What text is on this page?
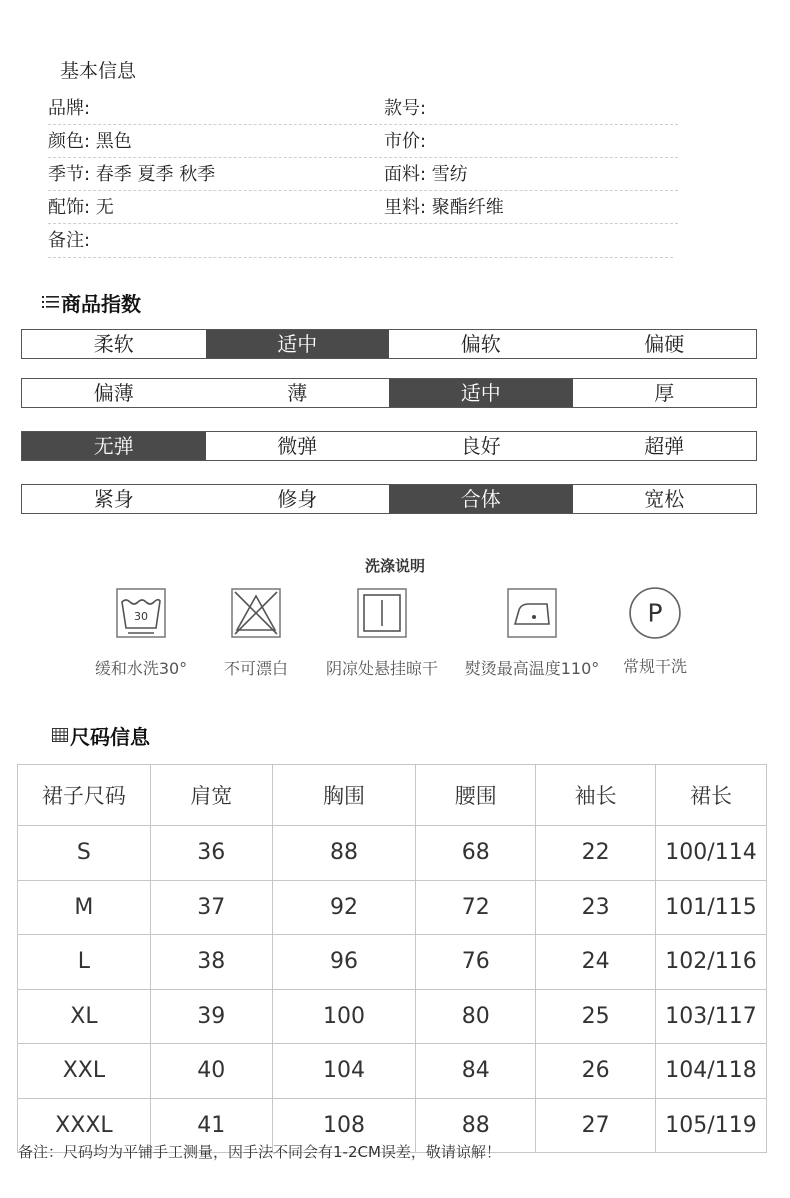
基本信息
品牌:	款号:
颜色: 黑色	市价:
季节: 春季 夏季 秋季	面料: 雪纺
配饰: 无	里料: 聚酯纤维
备注:
商品指数
柔软	适中	偏软	偏硬
偏薄	薄	适中	厚
无弹	微弹	良好	超弹
紧身	修身	合体	宽松
洗涤说明
30
缓和水洗30°	不可漂白	阴凉处悬挂晾干	熨烫最高温度110°
P
常规干洗
尺码信息
裙子尺码	肩宽	胸围	腰围	袖长	裙长
S	36	88	68	22	100/114
M	37	92	72	23	101/115
L	38	96	76	24	102/116
XL	39	100	80	25	103/117
XXL	40	104	84	26	104/118
XXXL	41	108	88	27	105/119
备注：尺码均为平铺手工测量，因手法不同会有1-2CM误差，敬请谅解！
